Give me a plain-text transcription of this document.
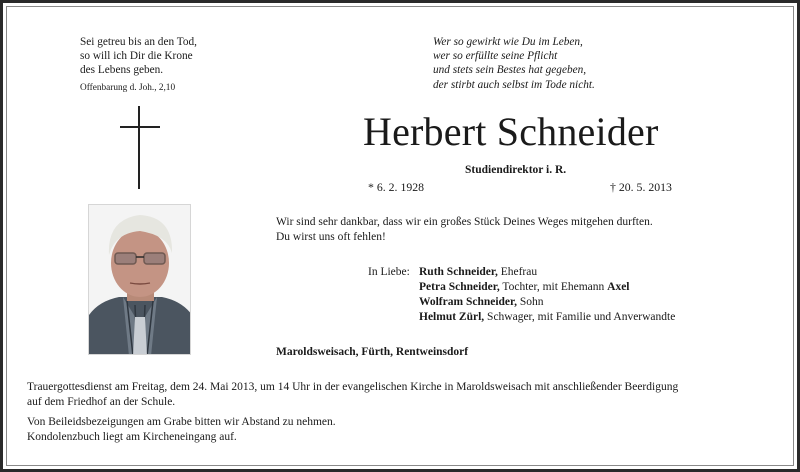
Sei getreu bis an den Tod,
so will ich Dir die Krone
des Lebens geben.
Offenbarung d. Joh., 2,10
Wer so gewirkt wie Du im Leben,
wer so erfüllte seine Pflicht
und stets sein Bestes hat gegeben,
der stirbt auch selbst im Tode nicht.
Herbert Schneider
Studiendirektor i. R.
* 6. 2. 1928	† 20. 5. 2013
Wir sind sehr dankbar, dass wir ein großes Stück Deines Weges mitgehen durften.
Du wirst uns oft fehlen!
In Liebe: Ruth Schneider, Ehefrau
Petra Schneider, Tochter, mit Ehemann Axel
Wolfram Schneider, Sohn
Helmut Zürl, Schwager, mit Familie und Anverwandte
Maroldsweisach, Fürth, Rentweinsdorf
Trauergottesdienst am Freitag, dem 24. Mai 2013, um 14 Uhr in der evangelischen Kirche in Maroldsweisach mit anschließender Beerdigung
auf dem Friedhof an der Schule.
Von Beileidsbezeigungen am Grabe bitten wir Abstand zu nehmen.
Kondolenzbuch liegt am Kircheneingang auf.
